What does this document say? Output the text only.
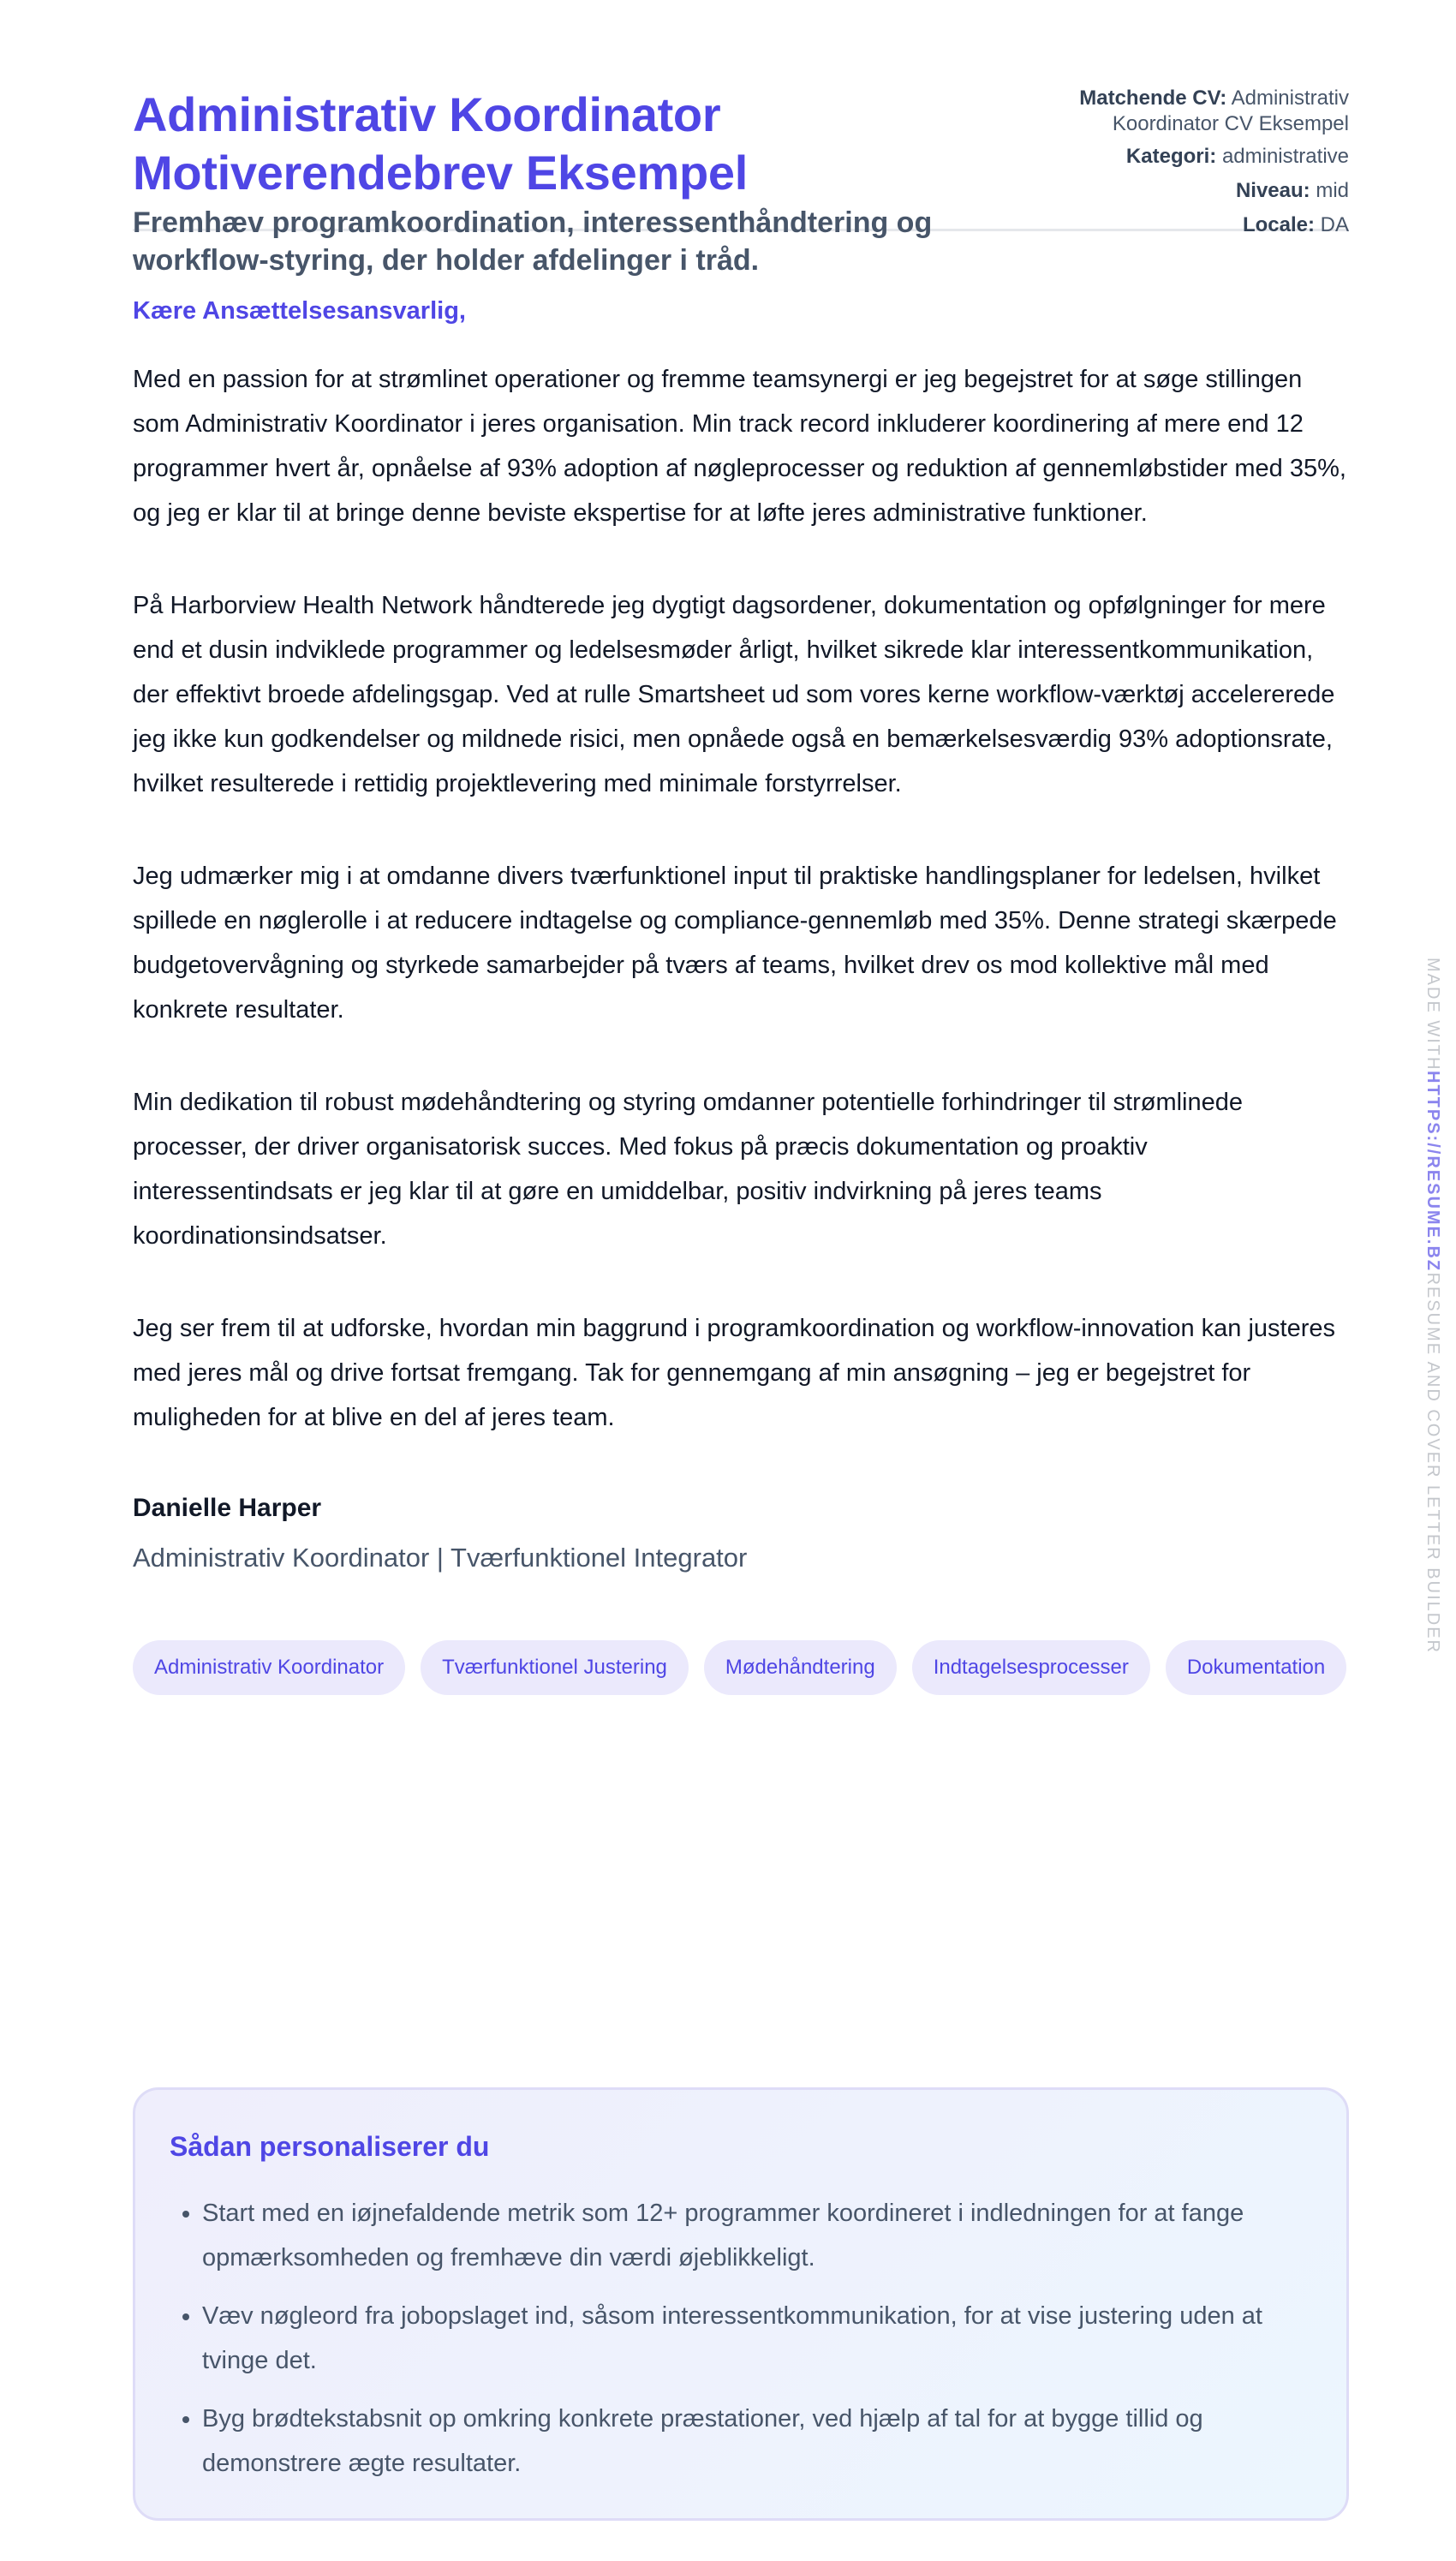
Administrativ Koordinator
Motiverendebrev Eksempel

Fremhæv programkoordination, interessenthåndtering og workflow-styring, der holder afdelinger i tråd.

Matchende CV: Administrativ
Koordinator CV Eksempel
Kategori: administrative
Niveau: mid
Locale: DA
Kære Ansættelsesansvarlig,

Med en passion for at strømlinet operationer og fremme teamsynergi er jeg begejstret for at søge stillingen som Administrativ Koordinator i jeres organisation. Min track record inkluderer koordinering af mere end 12 programmer hvert år, opnåelse af 93% adoption af nøgleprocesser og reduktion af gennemløbstider med 35%, og jeg er klar til at bringe denne beviste ekspertise for at løfte jeres administrative funktioner.

På Harborview Health Network håndterede jeg dygtigt dagsordener, dokumentation og opfølgninger for mere end et dusin indviklede programmer og ledelsesmøder årligt, hvilket sikrede klar interessentkommunikation, der effektivt broede afdelingsgap. Ved at rulle Smartsheet ud som vores kerne workflow-værktøj accelererede jeg ikke kun godkendelser og mildnede risici, men opnåede også en bemærkelsesværdig 93% adoptionsrate, hvilket resulterede i rettidig projektlevering med minimale forstyrrelser.

Jeg udmærker mig i at omdanne divers tværfunktionel input til praktiske handlingsplaner for ledelsen, hvilket spillede en nøglerolle i at reducere indtagelse og compliance-gennemløb med 35%. Denne strategi skærpede budgetovervågning og styrkede samarbejder på tværs af teams, hvilket drev os mod kollektive mål med konkrete resultater.

Min dedikation til robust mødehåndtering og styring omdanner potentielle forhindringer til strømlinede processer, der driver organisatorisk succes. Med fokus på præcis dokumentation og proaktiv interessentindsats er jeg klar til at gøre en umiddelbar, positiv indvirkning på jeres teams koordinationsindsatser.

Jeg ser frem til at udforske, hvordan min baggrund i programkoordination og workflow-innovation kan justeres med jeres mål og drive fortsat fremgang. Tak for gennemgang af min ansøgning – jeg er begejstret for muligheden for at blive en del af jeres team.

Danielle Harper
Administrativ Koordinator | Tværfunktionel Integrator
Administrativ Koordinator	Tværfunktionel Justering	Mødehåndtering	Indtagelsesprocesser	Dokumentation
Sådan personaliserer du
• Start med en iøjnefaldende metrik som 12+ programmer koordineret i indledningen for at fange opmærksomheden og fremhæve din værdi øjeblikkeligt.
• Væv nøgleord fra jobopslaget ind, såsom interessentkommunikation, for at vise justering uden at tvinge det.
• Byg brødtekstabsnit op omkring konkrete præstationer, ved hjælp af tal for at bygge tillid og demonstrere ægte resultater.
MADE WITHHTTPS://RESUME.BZRESUME AND COVER LETTER BUILDER
